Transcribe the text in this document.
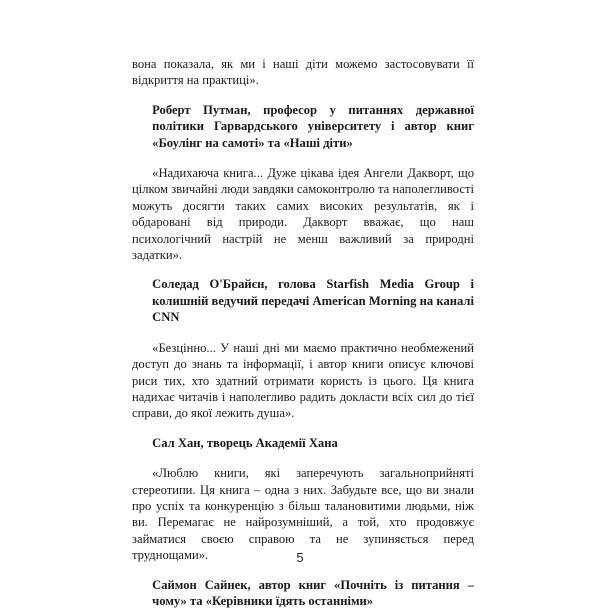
вона показала, як ми і наші діти можемо застосовувати її відкриття на практиці».

Роберт Путман, професор у питаннях державної політики Гарвардського університету і автор книг «Боулінг на самоті» та «Наші діти»

«Надихаюча книга... Дуже цікава ідея Ангели Дакворт, що цілком звичайні люди завдяки самоконтролю та наполегливості можуть досягти таких самих високих результатів, як і обдаровані від природи. Дакворт вважає, що наш психологічний настрій не менш важливий за природні задатки».

Соледад О'Брайєн, голова Starfish Media Group і колишній ведучий передачі American Morning на каналі CNN

«Безцінно... У наші дні ми маємо практично необмежений доступ до знань та інформації, і автор книги описує ключові риси тих, хто здатний отримати користь із цього. Ця книга надихає читачів і наполегливо радить докласти всіх сил до тієї справи, до якої лежить душа».

Сал Хан, творець Академії Хана

«Люблю книги, які заперечують загальноприйняті стереотипи. Ця книга – одна з них. Забудьте все, що ви знали про успіх та конкуренцію з більш талановитими людьми, ніж ви. Перемагає не найрозумніший, а той, хто продовжує займатися своєю справою та не зупиняється перед труднощами».

Саймон Сайнек, автор книг «Почніть із питання – чому» та «Керівники їдять останніми»
5
